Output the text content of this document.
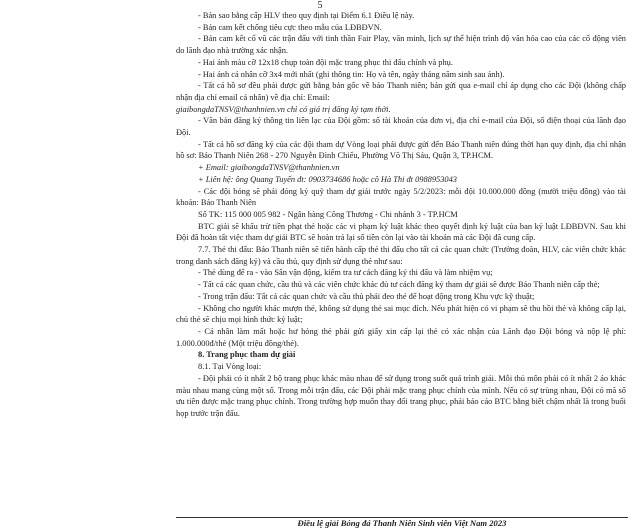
5

- Bản sao bằng cấp HLV theo quy định tại Điểm 6.1 Điều lệ này.

- Bản cam kết chống tiêu cực theo mẫu của LĐBĐVN.

- Bản cam kết cổ vũ các trận đấu với tinh thần Fair Play, văn minh, lịch sự thể hiện trình độ văn hóa cao của các cổ động viên do lãnh đạo nhà trường xác nhận.

- Hai ảnh màu cỡ 12x18 chụp toàn đội mặc trang phục thi đấu chính và phụ.

- Hai ảnh cá nhân cỡ 3x4 mới nhất (ghi thông tin: Họ và tên, ngày tháng năm sinh sau ảnh).

- Tất cả hồ sơ đều phải được gửi bằng bản gốc về báo Thanh niên; bản gửi qua e-mail chỉ áp dụng cho các Đội (không chấp nhận địa chỉ email cá nhân) về địa chỉ: Email:

giaibongdaTNSV@thanhnien.vn chỉ có giá trị đăng ký tạm thời.

- Văn bản đăng ký thông tin liên lạc của Đội gồm: số tài khoản của đơn vị, địa chỉ e-mail của Đội, số điện thoại của lãnh đạo Đội.

- Tất cả hồ sơ đăng ký của các đội tham dự Vòng loại phải được gửi đến Báo Thanh niên đúng thời hạn quy định, địa chỉ nhận hồ sơ: Báo Thanh Niên 268 - 270 Nguyễn Đình Chiểu, Phường Võ Thị Sáu, Quận 3, TP.HCM.

+ Email: giaibongdaTNSV@thanhnien.vn

+ Liên hệ: ông Quang Tuyến đt: 0903734686 hoặc cô Hà Thi đt 0988953043

- Các đội bóng sẽ phải đóng ký quỹ tham dự giải trước ngày 5/2/2023: mỗi đội 10.000.000 đồng (mười triệu đồng) vào tài khoản: Báo Thanh Niên

Số TK: 115 000 005 982 - Ngân hàng Công Thương - Chi nhánh 3 - TP.HCM

BTC giải sẽ khấu trừ tiền phạt thẻ hoặc các vi phạm kỷ luật khác theo quyết định kỷ luật của ban kỷ luật LĐBĐVN. Sau khi Đội đã hoàn tất việc tham dự giải BTC sẽ hoàn trả lại số tiền còn lại vào tài khoản mà các Đội đã cung cấp.

7.7. Thẻ thi đấu: Báo Thanh niên sẽ tiến hành cấp thẻ thi đấu cho tất cả các quan chức (Trưởng đoàn, HLV, các viên chức khác trong danh sách đăng ký) và cầu thủ, quy định sử dụng thẻ như sau:

- Thẻ dùng để ra - vào Sân vận động, kiểm tra tư cách đăng ký thi đấu và làm nhiệm vụ;

- Tất cả các quan chức, cầu thủ và các viên chức khác đủ tư cách đăng ký tham dự giải sẽ được Báo Thanh niên cấp thẻ;

- Trong trận đấu: Tất cả các quan chức và cầu thủ phải đeo thẻ để hoạt động trong Khu vực kỹ thuật;

- Không cho người khác mượn thẻ, không sử dụng thẻ sai mục đích. Nếu phát hiện có vi phạm sẽ thu hồi thẻ và không cấp lại, chủ thẻ sẽ chịu mọi hình thức kỷ luật;

- Cá nhân làm mất hoặc hư hỏng thẻ phải gửi giấy xin cấp lại thẻ có xác nhận của Lãnh đạo Đội bóng và nộp lệ phí: 1.000.000đ/thẻ (Một triệu đồng/thẻ).

8. Trang phục tham dự giải

8.1. Tại Vòng loại:

- Đội phải có ít nhất 2 bộ trang phục khác màu nhau để sử dụng trong suốt quá trình giải. Mỗi thủ môn phải có ít nhất 2 áo khác màu nhau mang cùng một số. Trong mỗi trận đấu, các Đội phải mặc trang phục chính của mình. Nếu có sự trùng nhau, Đội có mã số ưu tiên được mặc trang phục chính. Trong trường hợp muốn thay đổi trang phục, phải báo cáo BTC bằng biết chậm nhất là trong buổi họp trước trận đấu.

Điều lệ giải Bóng đá Thanh Niên Sinh viên Việt Nam 2023
